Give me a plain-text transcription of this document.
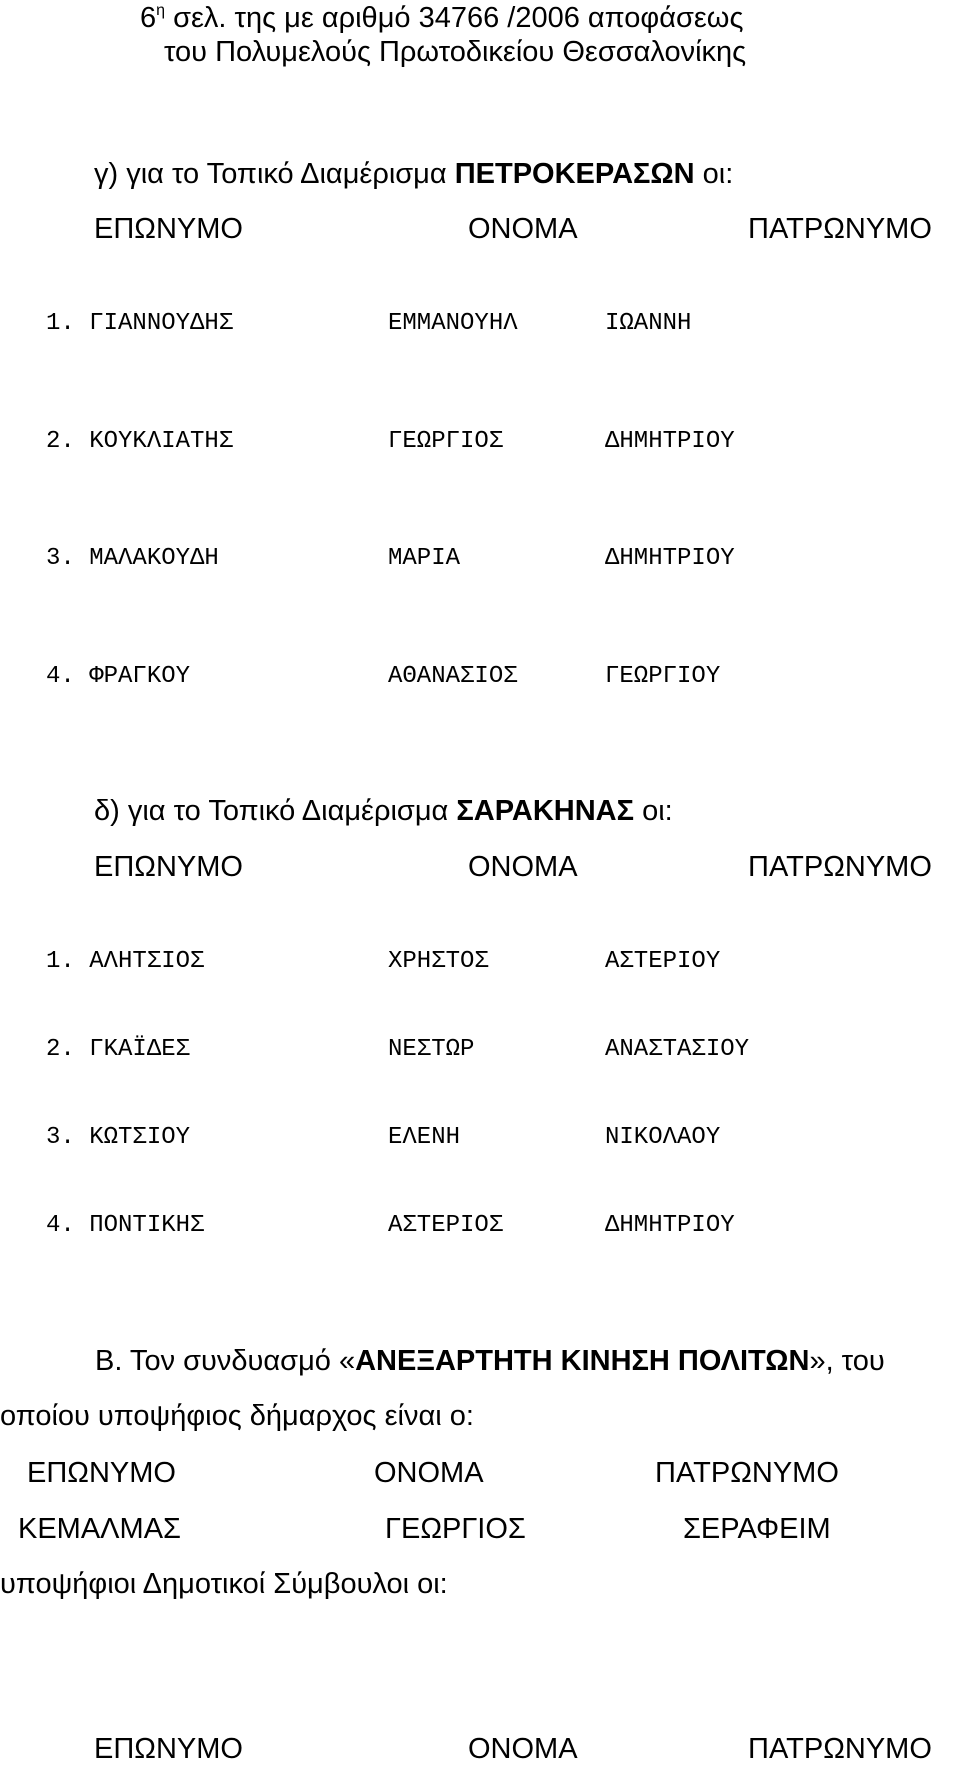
$6^\eta$ σελ. της με αριθμό 34766 /2006 αποφάσεως
του Πολυμελούς Πρωτοδικείου Θεσσαλονίκης
γ) για το Τοπικό Διαμέρισμα ΠΕΤΡΟΚΕΡΑΣΩΝ οι:
ΕΠΩΝΥΜΟ	ΟΝΟΜΑ	ΠΑΤΡΩΝΥΜΟ
1. ΓΙΑΝΝΟΥΔΗΣ	ΕΜΜΑΝΟΥΗΛ	ΙΩΑΝΝΗ
2. ΚΟΥΚΛΙΑΤΗΣ	ΓΕΩΡΓΙΟΣ	ΔΗΜΗΤΡΙΟΥ
3. ΜΑΛΑΚΟΥΔΗ	ΜΑΡΙΑ	ΔΗΜΗΤΡΙΟΥ
4. ΦΡΑΓΚΟΥ	ΑΘΑΝΑΣΙΟΣ	ΓΕΩΡΓΙΟΥ
δ) για το Τοπικό Διαμέρισμα ΣΑΡΑΚΗΝΑΣ οι:
ΕΠΩΝΥΜΟ	ΟΝΟΜΑ	ΠΑΤΡΩΝΥΜΟ
1. ΑΛΗΤΣΙΟΣ	ΧΡΗΣΤΟΣ	ΑΣΤΕΡΙΟΥ
2. ΓΚΑΪΔΕΣ	ΝΕΣΤΩΡ	ΑΝΑΣΤΑΣΙΟΥ
3. ΚΩΤΣΙΟΥ	ΕΛΕΝΗ	ΝΙΚΟΛΑΟΥ
4. ΠΟΝΤΙΚΗΣ	ΑΣΤΕΡΙΟΣ	ΔΗΜΗΤΡΙΟΥ
Β. Τον συνδυασμό «ΑΝΕΞΑΡΤΗΤΗ ΚΙΝΗΣΗ ΠΟΛΙΤΩΝ», του
οποίου υποψήφιος δήμαρχος είναι ο:
ΕΠΩΝΥΜΟ	ΟΝΟΜΑ	ΠΑΤΡΩΝΥΜΟ
ΚΕΜΑΛΜΑΣ	ΓΕΩΡΓΙΟΣ	ΣΕΡΑΦΕΙΜ
υποψήφιοι Δημοτικοί Σύμβουλοι οι:
ΕΠΩΝΥΜΟ	ΟΝΟΜΑ	ΠΑΤΡΩΝΥΜΟ
